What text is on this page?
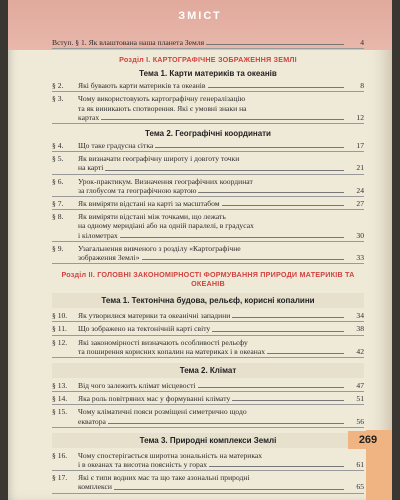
ЗМІСТ
Вступ. § 1. Як влаштована наша планета Земля	4
Розділ І. КАРТОГРАФІЧНЕ ЗОБРАЖЕННЯ ЗЕМЛІ
Тема 1. Карти материків та океанів
§ 2.	Які бувають карти материків та океанів	8
§ 3.	Чому використовують картографічну генералізацію
та як виникають спотворення. Які є умовні знаки на
картах	12
Тема 2. Географічні координати
§ 4.	Що таке градусна сітка	17
§ 5.	Як визначати географічну широту і довготу точки
на карті	21
§ 6.	Урок-практикум. Визначення географічних координат
за глобусом та географічною картою	24
§ 7.	Як виміряти відстані на карті за масштабом	27
§ 8.	Як виміряти відстані між точками, що лежать
на одному меридіані або на одній паралелі, в градусах
і кілометрах	30
§ 9.	Узагальнення вивченого з розділу «Картографічне
зображення Землі»	33
Розділ ІІ. ГОЛОВНІ ЗАКОНОМІРНОСТІ ФОРМУВАННЯ ПРИРОДИ МАТЕРИКІВ ТА ОКЕАНІВ
Тема 1. Тектонічна будова, рельєф, корисні копалини
§ 10.	Як утворилися материки та океанічні западини	34
§ 11.	Що зображено на тектонічній карті світу	38
§ 12.	Які закономірності визначають особливості рельєфу
та поширення корисних копалин на материках і в океанах	42
Тема 2. Клімат
§ 13.	Від чого залежить клімат місцевості	47
§ 14.	Яка роль повітряних мас у формуванні клімату	51
§ 15.	Чому кліматичні пояси розміщені симетрично щодо
екватора	56
Тема 3. Природні комплекси Землі
§ 16.	Чому спостерігається широтна зональність на материках
і в океанах та висотна поясність у горах	61
§ 17.	Які є типи водних мас та що таке азональні природні
комплекси	65
269
